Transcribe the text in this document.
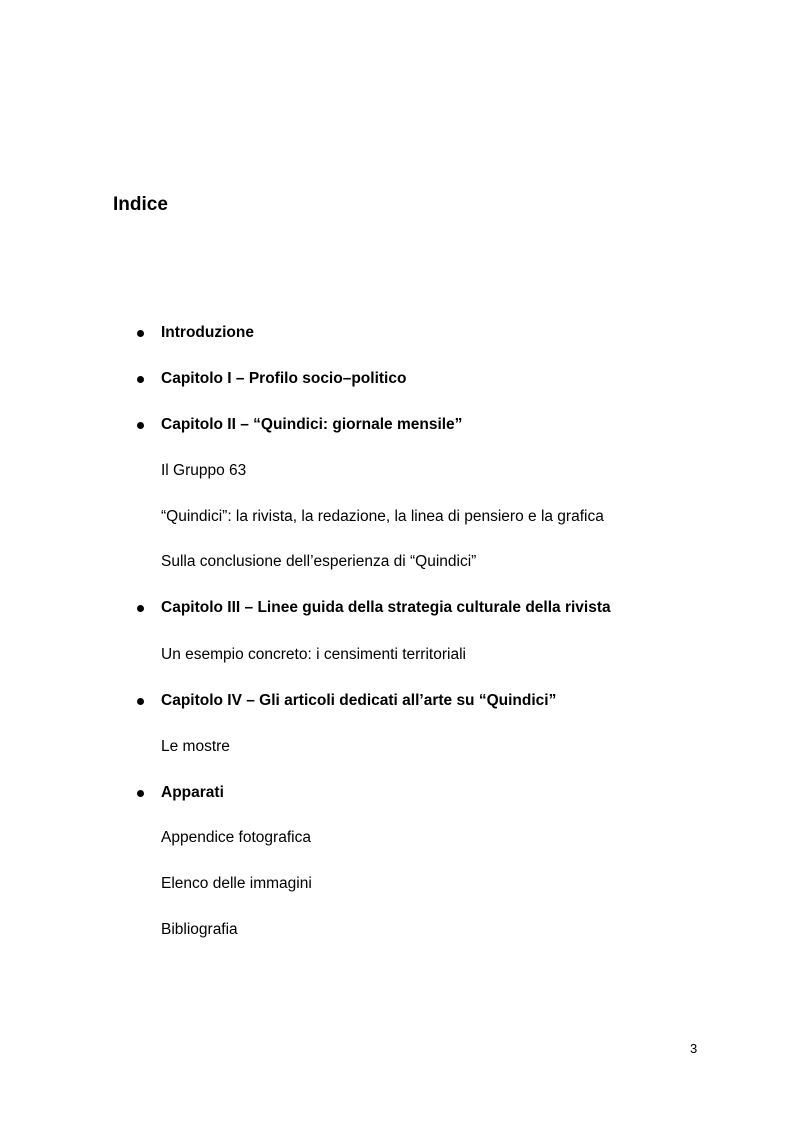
Indice
Introduzione
Capitolo I – Profilo socio–politico
Capitolo II – “Quindici: giornale mensile”
Il Gruppo 63
“Quindici”: la rivista, la redazione, la linea di pensiero e la grafica
Sulla conclusione dell’esperienza di “Quindici”
Capitolo III – Linee guida della strategia culturale della rivista
Un esempio concreto: i censimenti territoriali
Capitolo IV – Gli articoli dedicati all’arte su “Quindici”
Le mostre
Apparati
Appendice fotografica
Elenco delle immagini
Bibliografia
3
